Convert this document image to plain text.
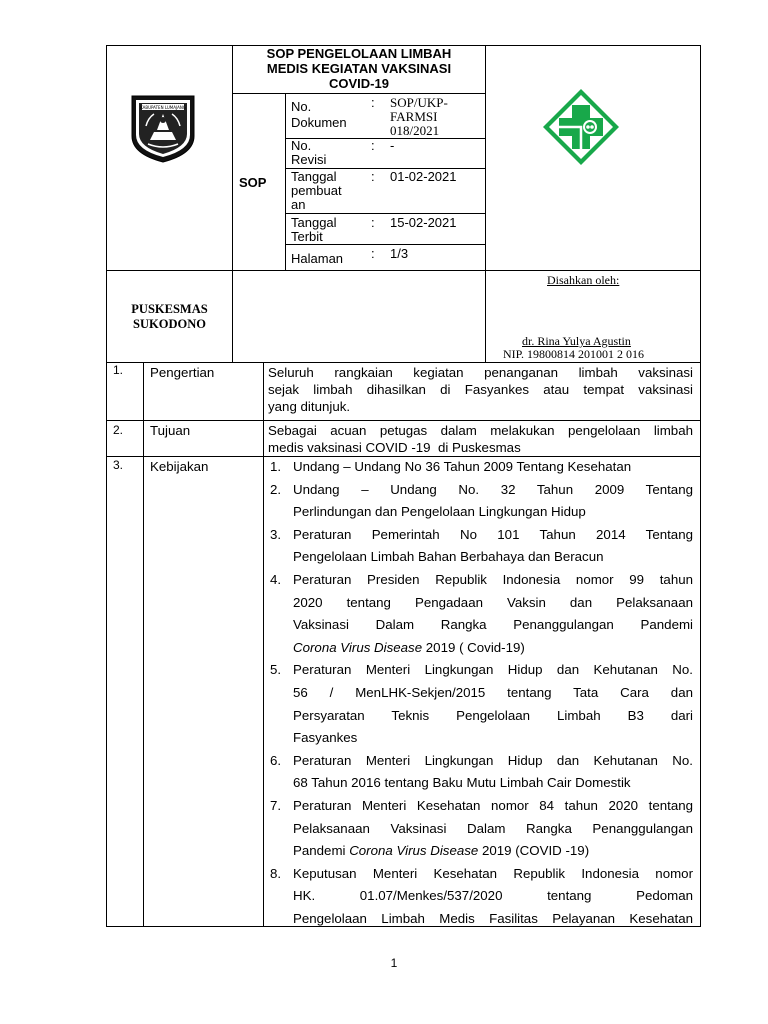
KABUPATEN LUMAJANG
SOP PENGELOLAAN LIMBAH
MEDIS KEGIATAN VAKSINASI
COVID-19
SOP
No.
Dokumen
: SOP/UKP-
FARMSI
018/2021
No.
Revisi
: -
Tanggal
pembuat
an
: 01-02-2021
Tanggal
Terbit
: 15-02-2021
Halaman : 1/3
PUSKESMAS
SUKODONO
Disahkan oleh:
dr. Rina Yulya Agustin
NIP. 19800814 201001 2 016
1. Pengertian	Seluruh rangkaian kegiatan penanganan limbah vaksinasi
sejak limbah dihasilkan di Fasyankes atau tempat vaksinasi
yang ditunjuk.
2. Tujuan	Sebagai acuan petugas dalam melakukan pengelolaan limbah
medis vaksinasi COVID -19  di Puskesmas
3. Kebijakan	1. Undang – Undang No 36 Tahun 2009 Tentang Kesehatan
2. Undang – Undang No. 32 Tahun 2009 Tentang
Perlindungan dan Pengelolaan Lingkungan Hidup
3. Peraturan Pemerintah No 101 Tahun 2014 Tentang
Pengelolaan Limbah Bahan Berbahaya dan Beracun
4. Peraturan Presiden Republik Indonesia nomor 99 tahun
2020 tentang Pengadaan Vaksin dan Pelaksanaan
Vaksinasi Dalam Rangka Penanggulangan Pandemi
Corona Virus Disease 2019 ( Covid-19)
5. Peraturan Menteri Lingkungan Hidup dan Kehutanan No.
56 / MenLHK-Sekjen/2015 tentang Tata Cara dan
Persyaratan Teknis Pengelolaan Limbah B3 dari
Fasyankes
6. Peraturan Menteri Lingkungan Hidup dan Kehutanan No.
68 Tahun 2016 tentang Baku Mutu Limbah Cair Domestik
7. Peraturan Menteri Kesehatan nomor 84 tahun 2020 tentang
Pelaksanaan Vaksinasi Dalam Rangka Penanggulangan
Pandemi Corona Virus Disease 2019 (COVID -19)
8. Keputusan Menteri Kesehatan Republik Indonesia nomor
HK. 01.07/Menkes/537/2020 tentang Pedoman
Pengelolaan Limbah Medis Fasilitas Pelayanan Kesehatan
1
